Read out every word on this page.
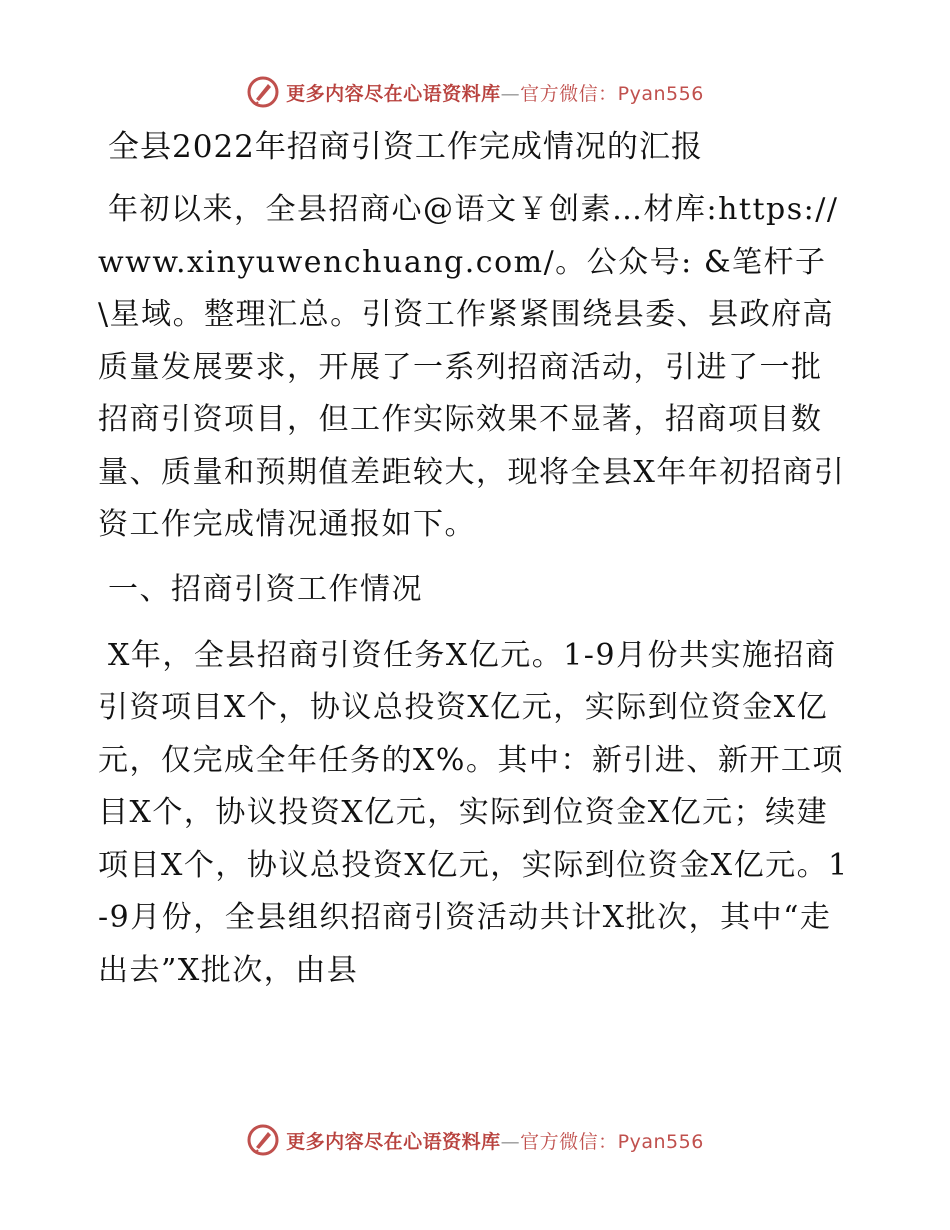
更多内容尽在心语资料库—官方微信：Pyan556
全县2022年招商引资工作完成情况的汇报

年初以来，全县招商心@语文￥创素…材库:https://www.xinyuwenchuang.com/。公众号: &笔杆子\星域。整理汇总。引资工作紧紧围绕县委、县政府高质量发展要求，开展了一系列招商活动，引进了一批招商引资项目，但工作实际效果不显著，招商项目数量、质量和预期值差距较大，现将全县X年年初招商引资工作完成情况通报如下。

一、招商引资工作情况

X年，全县招商引资任务X亿元。1-9月份共实施招商引资项目X个，协议总投资X亿元，实际到位资金X亿元，仅完成全年任务的X%。其中：新引进、新开工项目X个，协议投资X亿元，实际到位资金X亿元；续建项目X个，协议总投资X亿元，实际到位资金X亿元。1-9月份，全县组织招商引资活动共计X批次，其中“走出去”X批次，由县

更多内容尽在心语资料库—官方微信：Pyan556
